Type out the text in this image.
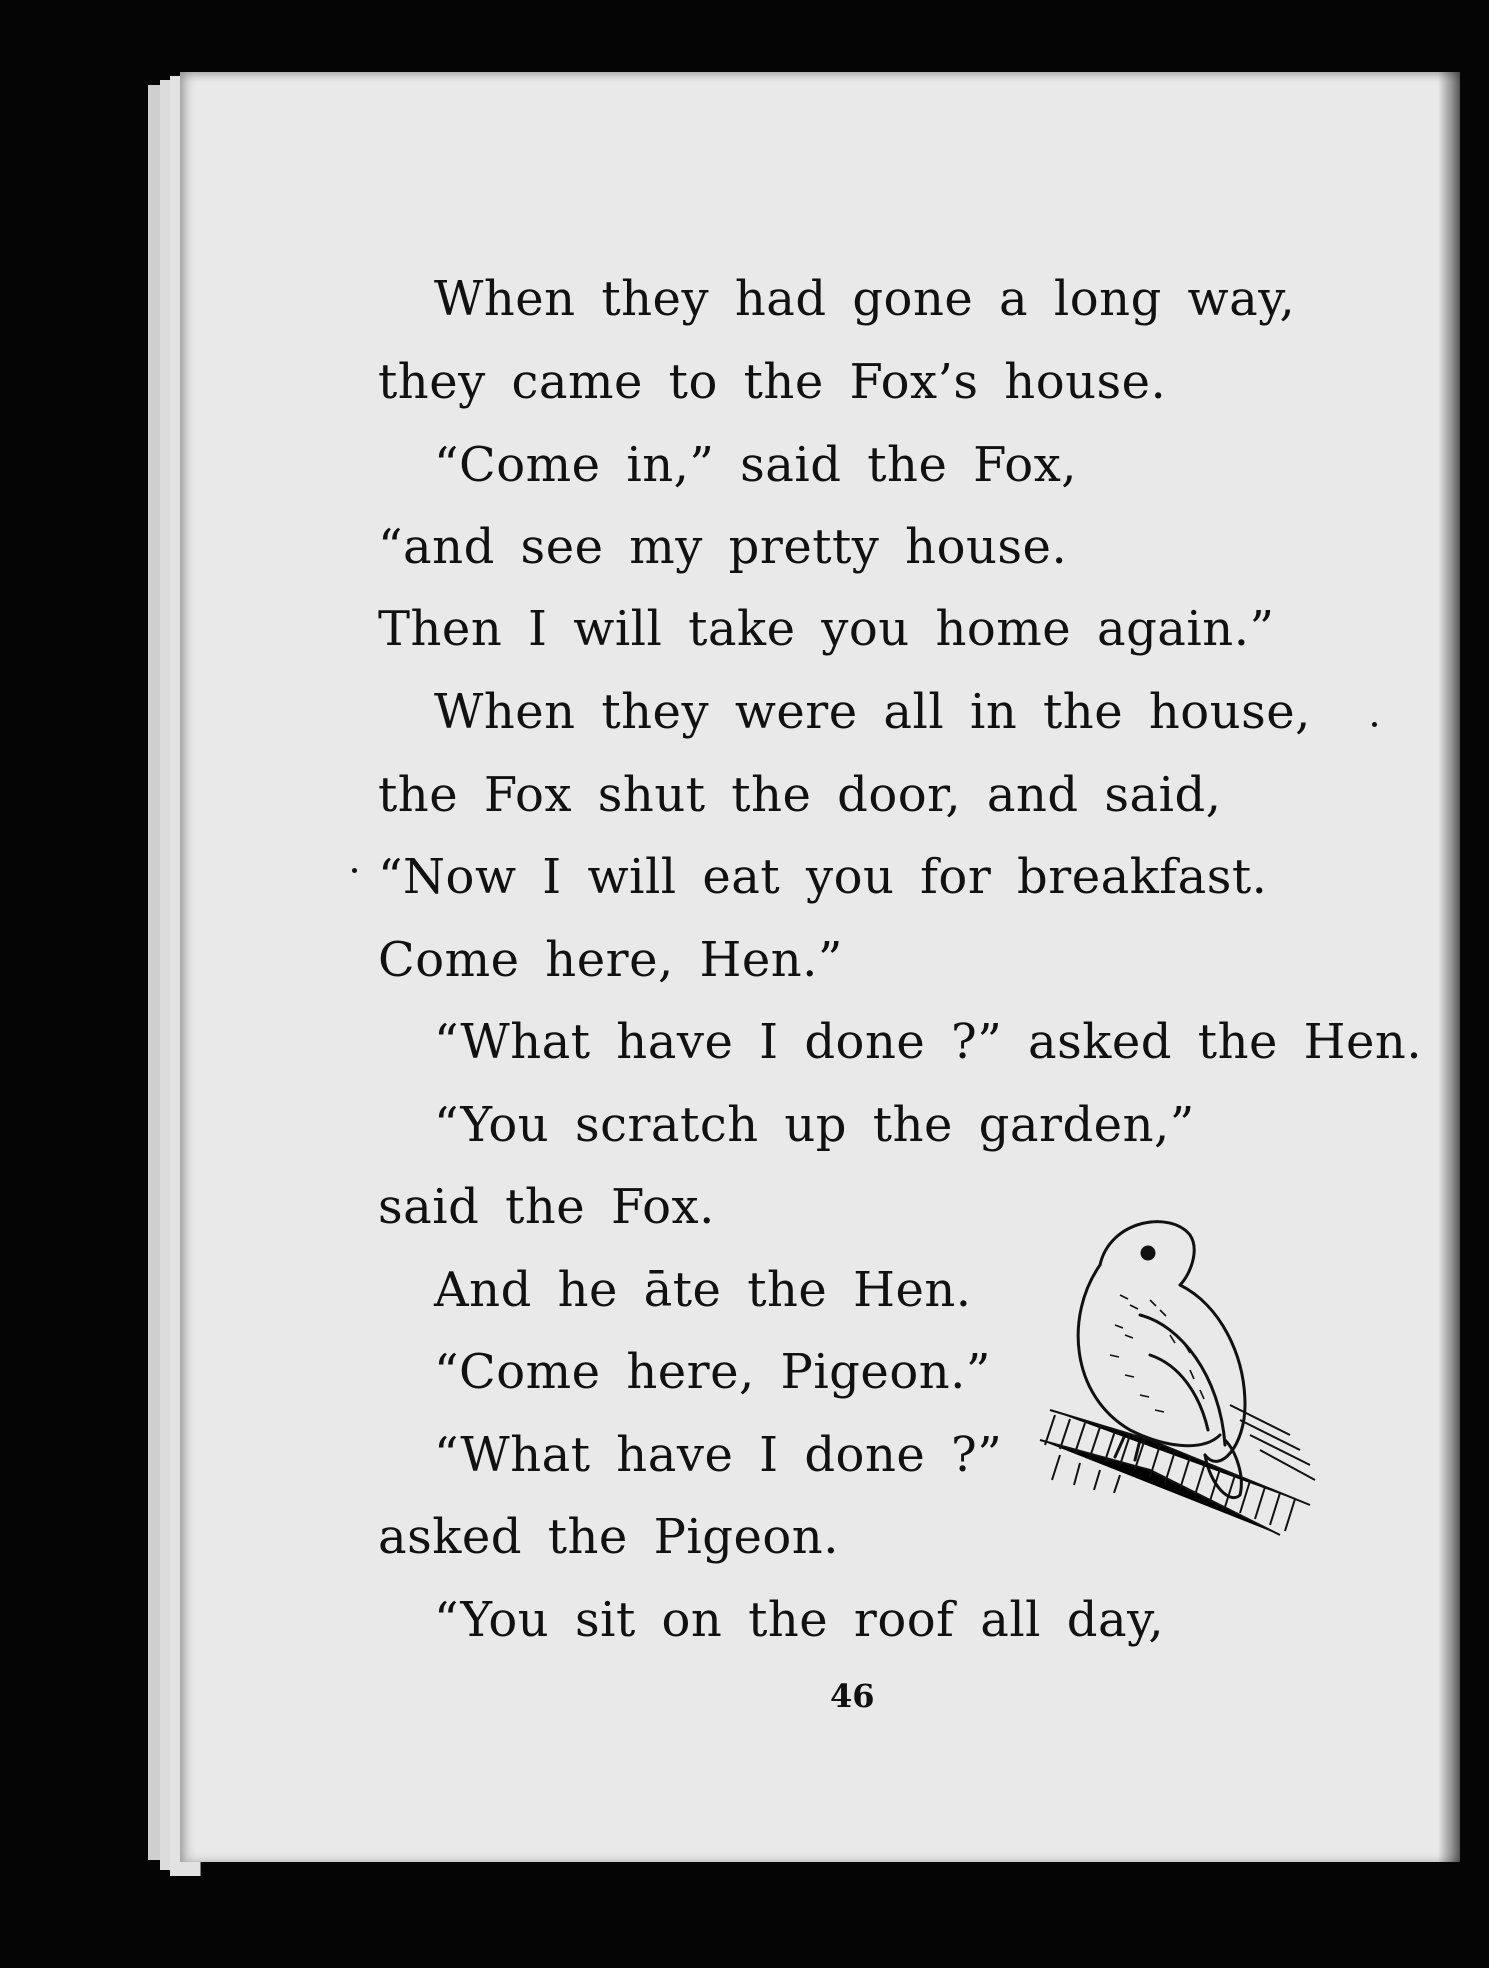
When they had gone a long way,
they came to the Fox’s house.
“Come in,” said the Fox,
“and see my pretty house.
Then I will take you home again.”
When they were all in the house,
the Fox shut the door, and said,
“Now I will eat you for breakfast.
Come here, Hen.”
“What have I done ?” asked the Hen.
“You scratch up the garden,”
said the Fox.
And he āte the Hen.
“Come here, Pigeon.”
“What have I done ?”
asked the Pigeon.
“You sit on the roof all day,
46
